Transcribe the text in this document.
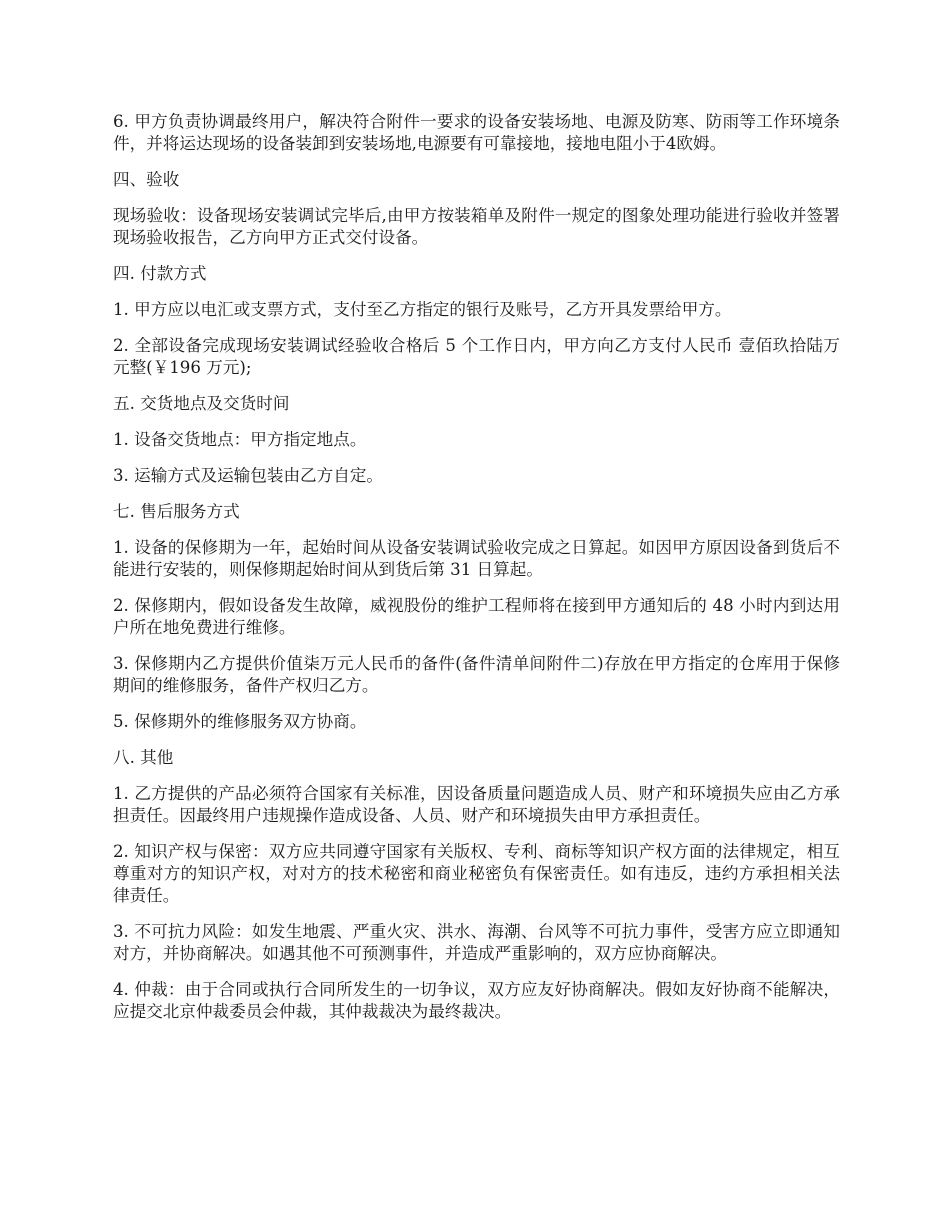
6. 甲方负责协调最终用户，解决符合附件一要求的设备安装场地、电源及防寒、防雨等工作环境条件，并将运达现场的设备装卸到安装场地,电源要有可靠接地，接地电阻小于4欧姆。

四、验收

现场验收：设备现场安装调试完毕后,由甲方按装箱单及附件一规定的图象处理功能进行验收并签署现场验收报告，乙方向甲方正式交付设备。

四. 付款方式

1. 甲方应以电汇或支票方式，支付至乙方指定的银行及账号，乙方开具发票给甲方。

2. 全部设备完成现场安装调试经验收合格后 5 个工作日内，甲方向乙方支付人民币 壹佰玖拾陆万元整(￥196 万元);

五. 交货地点及交货时间

1. 设备交货地点：甲方指定地点。

3. 运输方式及运输包装由乙方自定。

七. 售后服务方式

1. 设备的保修期为一年，起始时间从设备安装调试验收完成之日算起。如因甲方原因设备到货后不能进行安装的，则保修期起始时间从到货后第 31 日算起。

2. 保修期内，假如设备发生故障，威视股份的维护工程师将在接到甲方通知后的 48 小时内到达用户所在地免费进行维修。

3. 保修期内乙方提供价值柒万元人民币的备件(备件清单间附件二)存放在甲方指定的仓库用于保修期间的维修服务，备件产权归乙方。

5. 保修期外的维修服务双方协商。

八. 其他

1. 乙方提供的产品必须符合国家有关标准，因设备质量问题造成人员、财产和环境损失应由乙方承担责任。因最终用户违规操作造成设备、人员、财产和环境损失由甲方承担责任。

2. 知识产权与保密：双方应共同遵守国家有关版权、专利、商标等知识产权方面的法律规定，相互尊重对方的知识产权，对对方的技术秘密和商业秘密负有保密责任。如有违反，违约方承担相关法律责任。

3. 不可抗力风险：如发生地震、严重火灾、洪水、海潮、台风等不可抗力事件，受害方应立即通知对方，并协商解决。如遇其他不可预测事件，并造成严重影响的，双方应协商解决。

4. 仲裁：由于合同或执行合同所发生的一切争议，双方应友好协商解决。假如友好协商不能解决，应提交北京仲裁委员会仲裁，其仲裁裁决为最终裁决。
